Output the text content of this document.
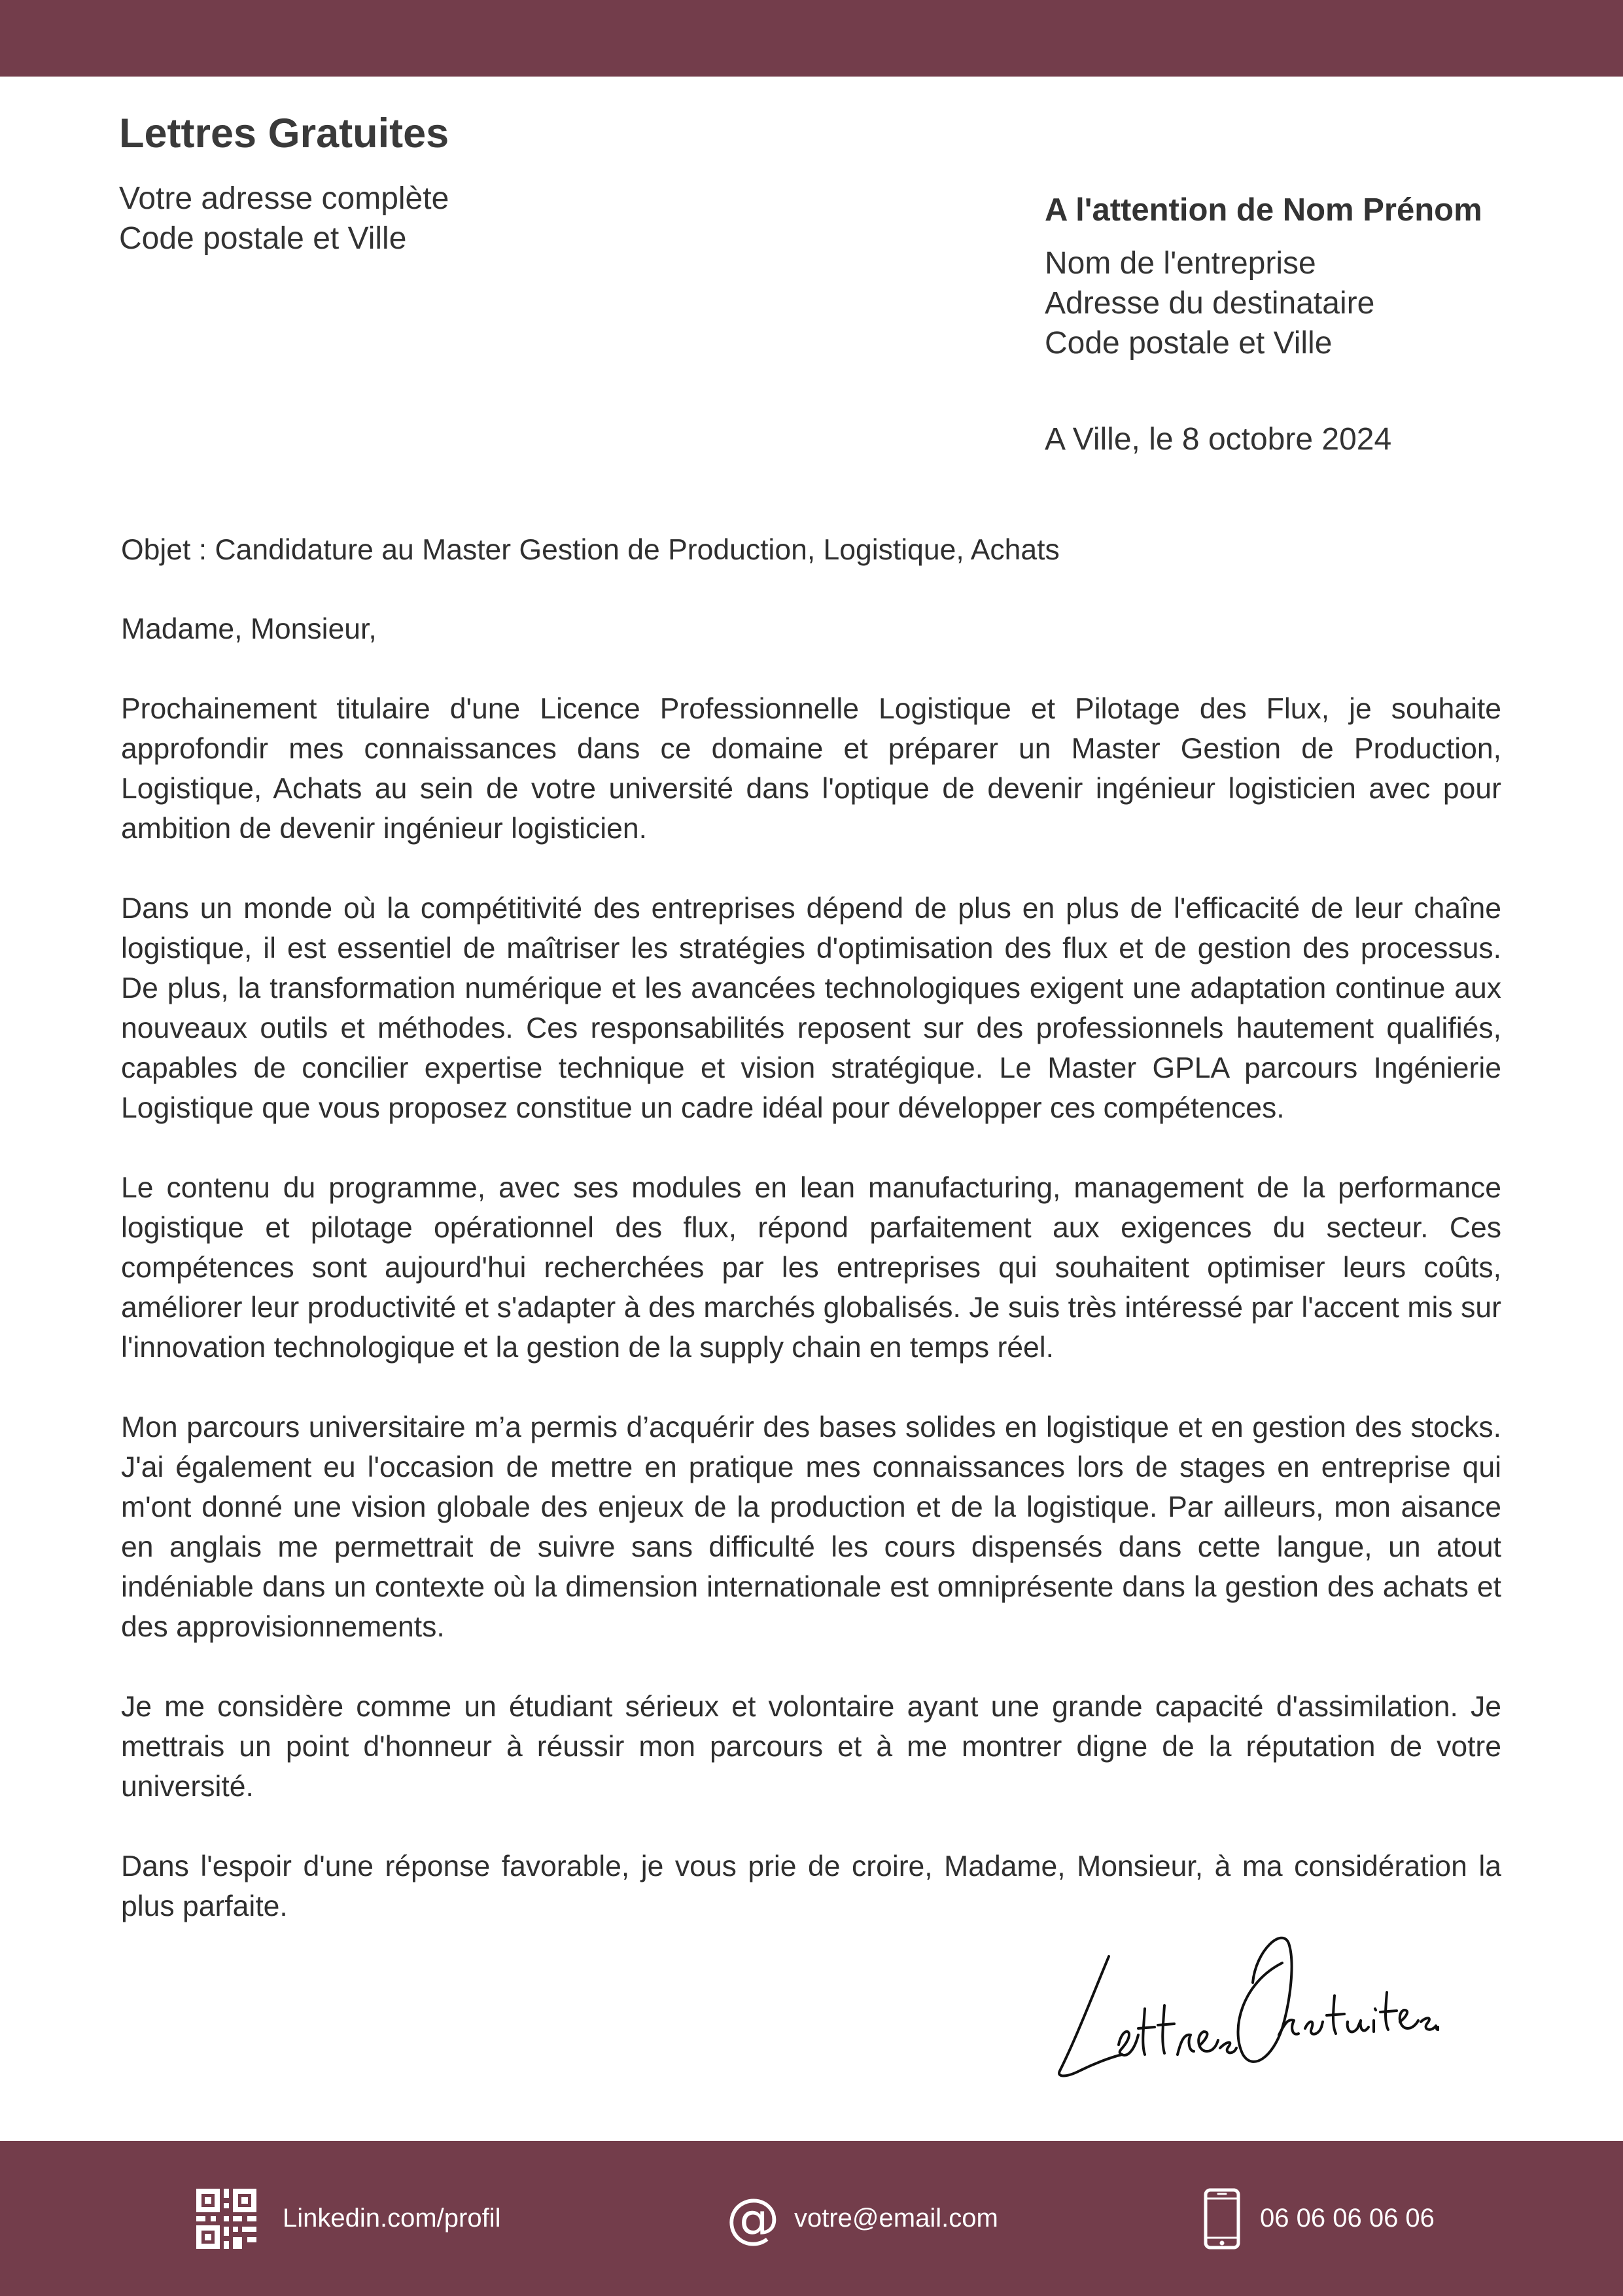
Lettres Gratuites
Votre adresse complète
Code postale et Ville
A l'attention de Nom Prénom
Nom de l'entreprise
Adresse du destinataire
Code postale et Ville
A Ville, le 8 octobre 2024

Objet : Candidature au Master Gestion de Production, Logistique, Achats

Madame, Monsieur,

Prochainement titulaire d'une Licence Professionnelle Logistique et Pilotage des Flux, je souhaite approfondir mes connaissances dans ce domaine et préparer un Master Gestion de Production, Logistique, Achats au sein de votre université dans l'optique de devenir ingénieur logisticien avec pour ambition de devenir ingénieur logisticien.

Dans un monde où la compétitivité des entreprises dépend de plus en plus de l'efficacité de leur chaîne logistique, il est essentiel de maîtriser les stratégies d'optimisation des flux et de gestion des processus. De plus, la transformation numérique et les avancées technologiques exigent une adaptation continue aux nouveaux outils et méthodes. Ces responsabilités reposent sur des professionnels hautement qualifiés, capables de concilier expertise technique et vision stratégique. Le Master GPLA parcours Ingénierie Logistique que vous proposez constitue un cadre idéal pour développer ces compétences.

Le contenu du programme, avec ses modules en lean manufacturing, management de la performance logistique et pilotage opérationnel des flux, répond parfaitement aux exigences du secteur. Ces compétences sont aujourd'hui recherchées par les entreprises qui souhaitent optimiser leurs coûts, améliorer leur productivité et s'adapter à des marchés globalisés. Je suis très intéressé par l'accent mis sur l'innovation technologique et la gestion de la supply chain en temps réel.

Mon parcours universitaire m’a permis d’acquérir des bases solides en logistique et en gestion des stocks. J'ai également eu l'occasion de mettre en pratique mes connaissances lors de stages en entreprise qui m'ont donné une vision globale des enjeux de la production et de la logistique. Par ailleurs, mon aisance en anglais me permettrait de suivre sans difficulté les cours dispensés dans cette langue, un atout indéniable dans un contexte où la dimension internationale est omniprésente dans la gestion des achats et des approvisionnements.

Je me considère comme un étudiant sérieux et volontaire ayant une grande capacité d'assimilation. Je mettrais un point d'honneur à réussir mon parcours et à me montrer digne de la réputation de votre université.

Dans l'espoir d'une réponse favorable, je vous prie de croire, Madame, Monsieur, à ma considération la plus parfaite.

Linkedin.com/profil	@ votre@email.com	06 06 06 06 06
